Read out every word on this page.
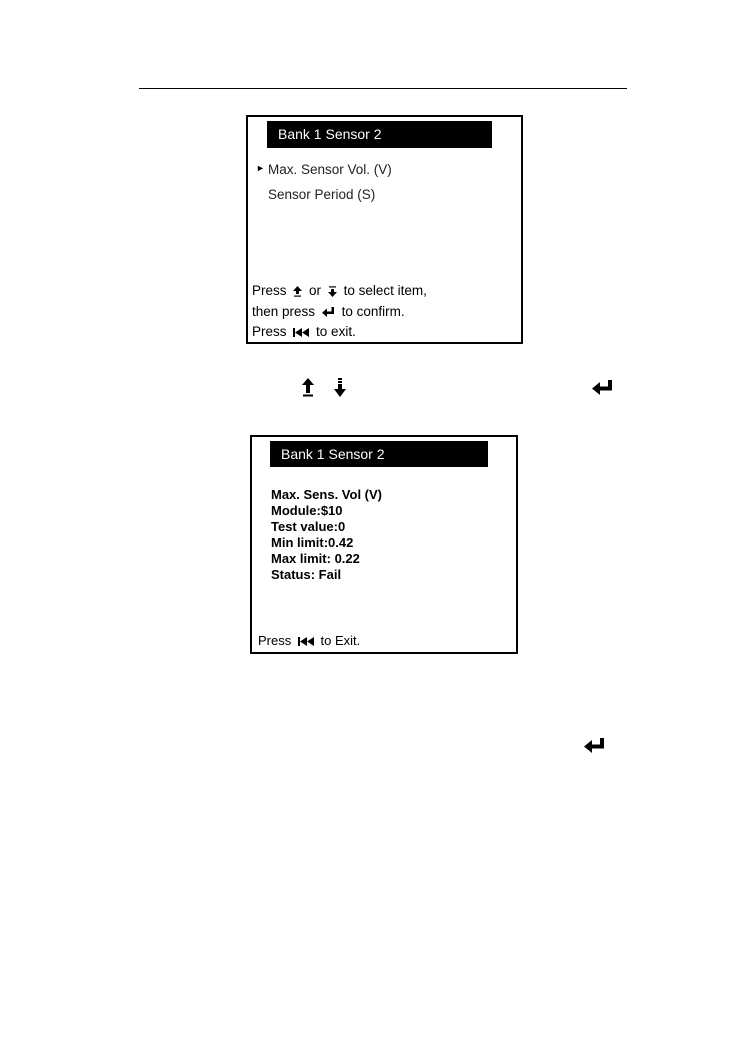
Bank 1 Sensor 2
► Max. Sensor Vol. (V)
Sensor Period (S)
Press or to select item,
then press to confirm.
Press to exit.
Bank 1 Sensor 2
Max. Sens. Vol (V)
Module:$10
Test value:0
Min limit:0.42
Max limit: 0.22
Status: Fail
Press to Exit.
